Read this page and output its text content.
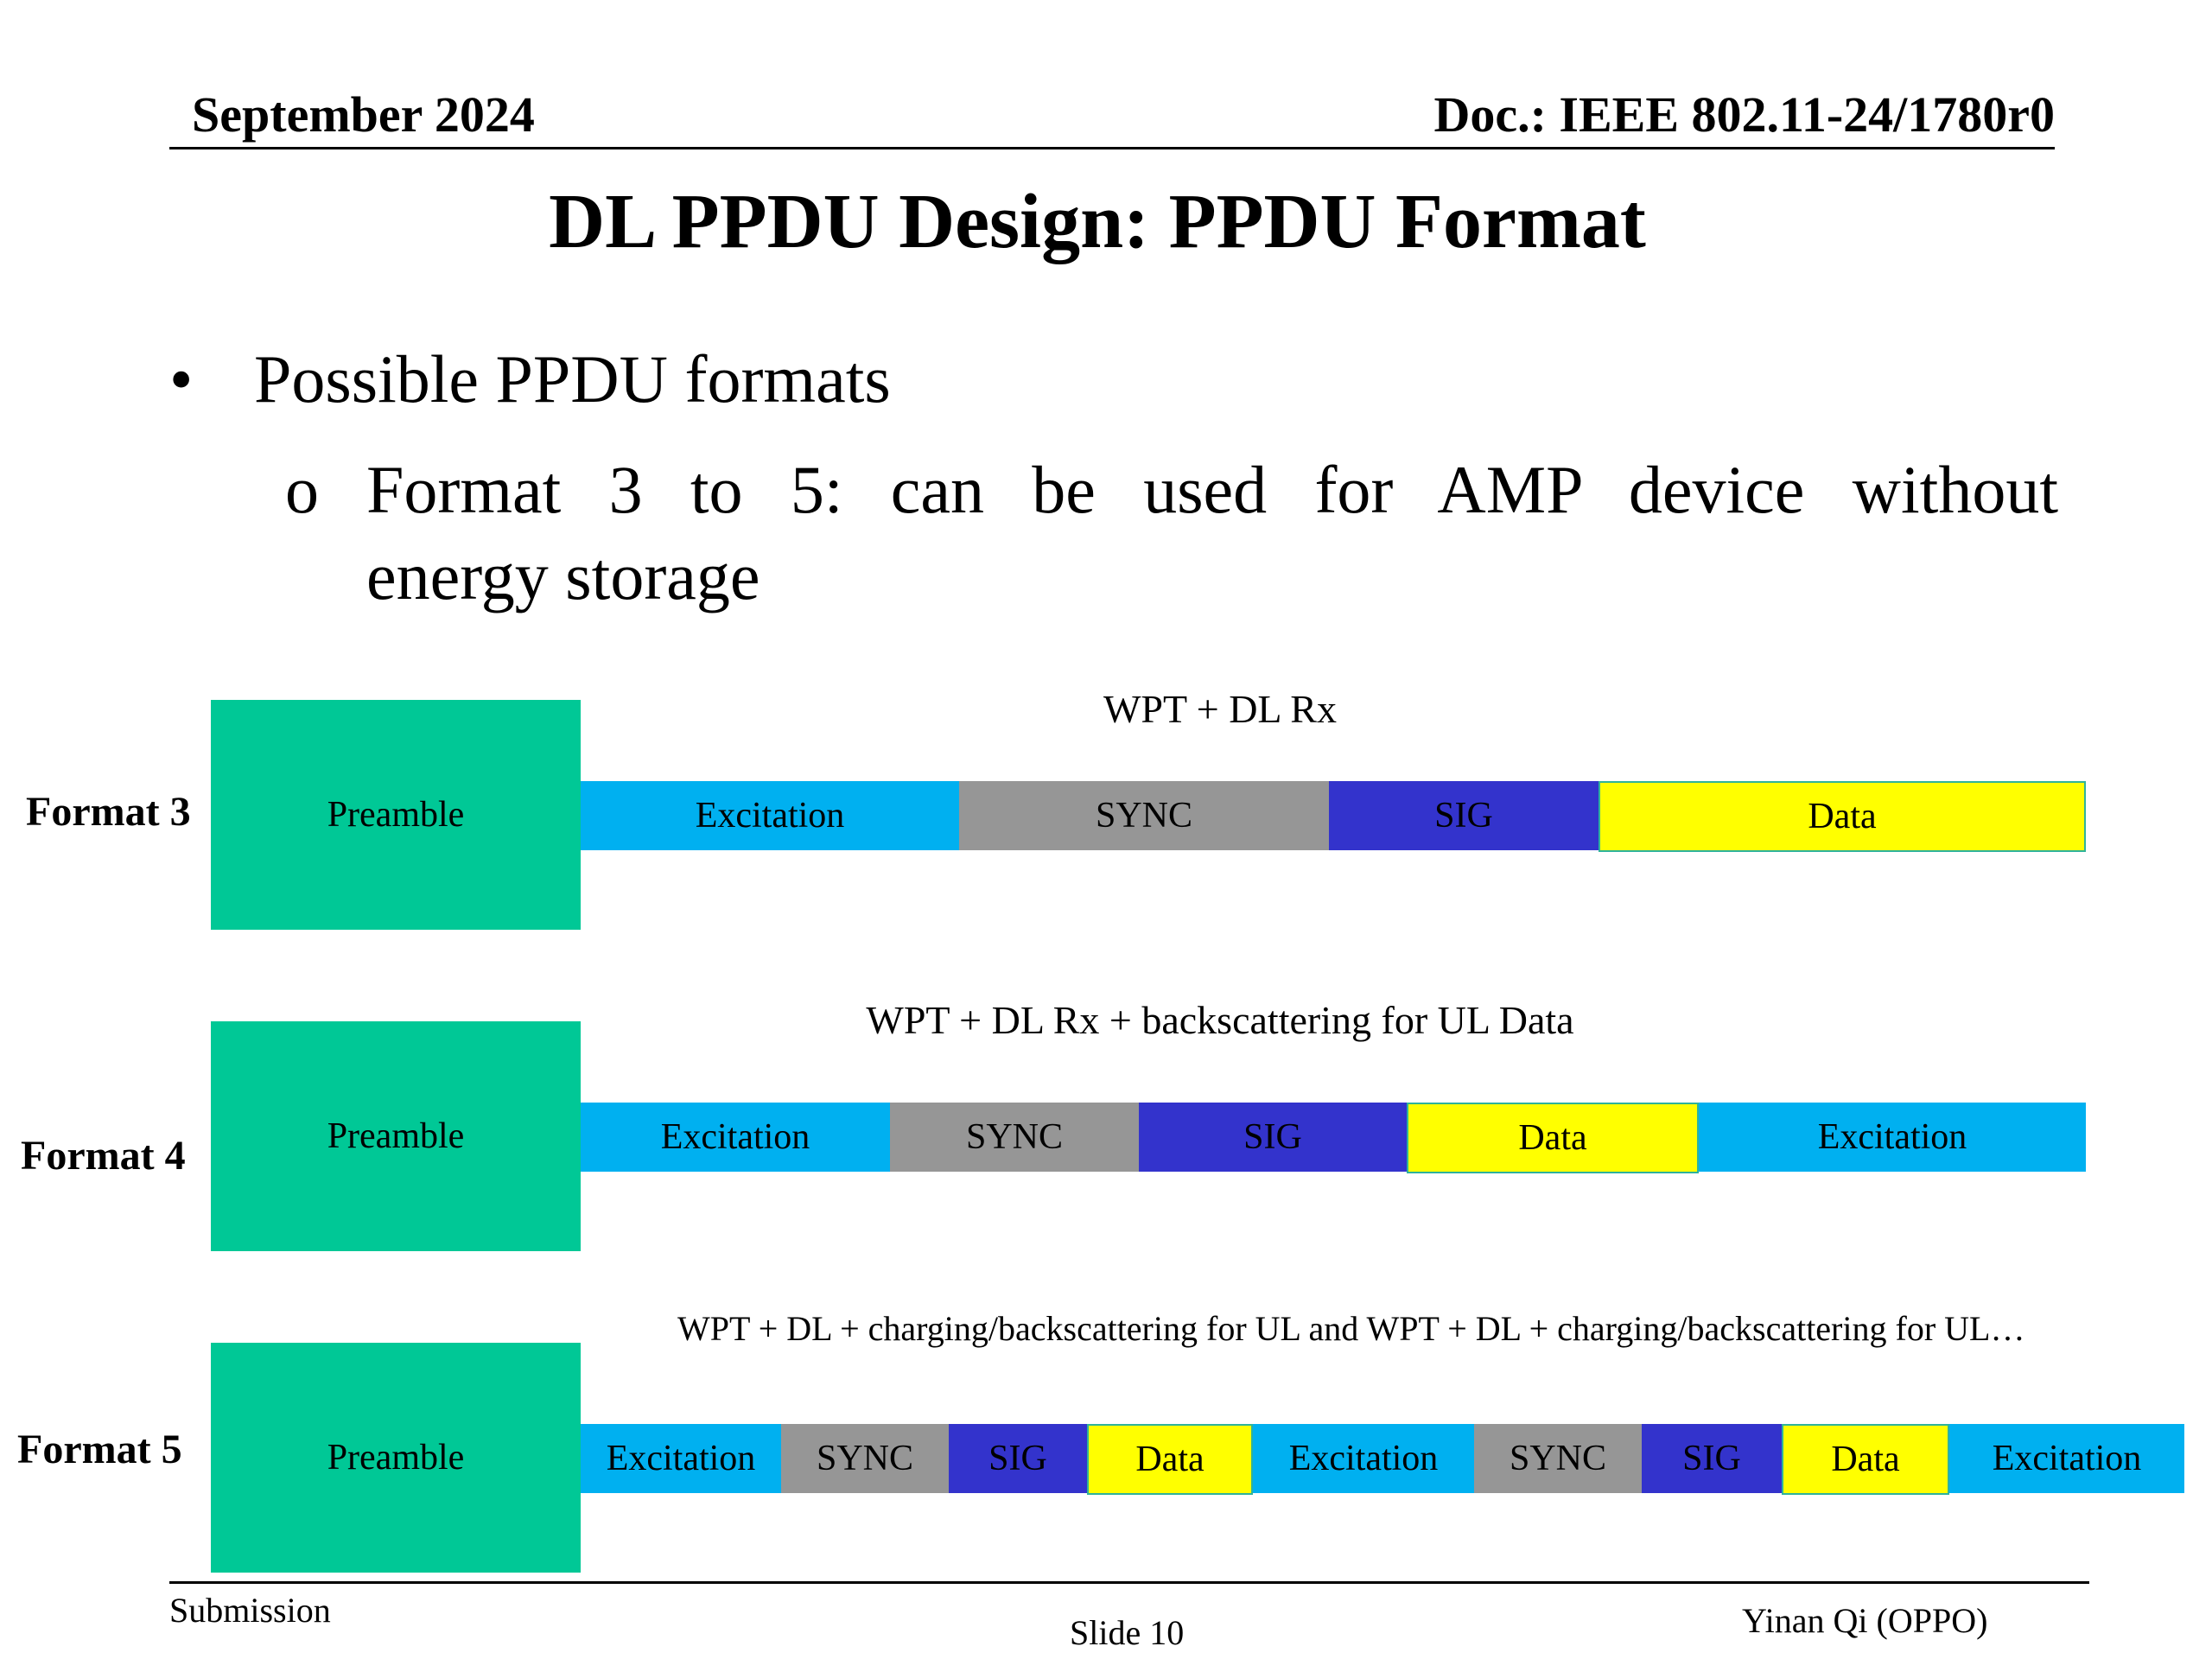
September 2024	Doc.: IEEE 802.11-24/1780r0
DL PPDU Design: PPDU Format
• Possible PPDU formats
o Format 3 to 5: can be used for AMP device without
energy storage
Format 3
WPT + DL Rx
Preamble	Excitation	SYNC	SIG	Data
Format 4
WPT + DL Rx + backscattering for UL Data
Preamble	Excitation	SYNC	SIG	Data	Excitation
Format 5
WPT + DL + charging/backscattering for UL and WPT + DL + charging/backscattering for UL…
Preamble	Excitation SYNC SIG Data Excitation SYNC SIG Data	Excitation
Submission
Slide 10	Yinan Qi (OPPO)
